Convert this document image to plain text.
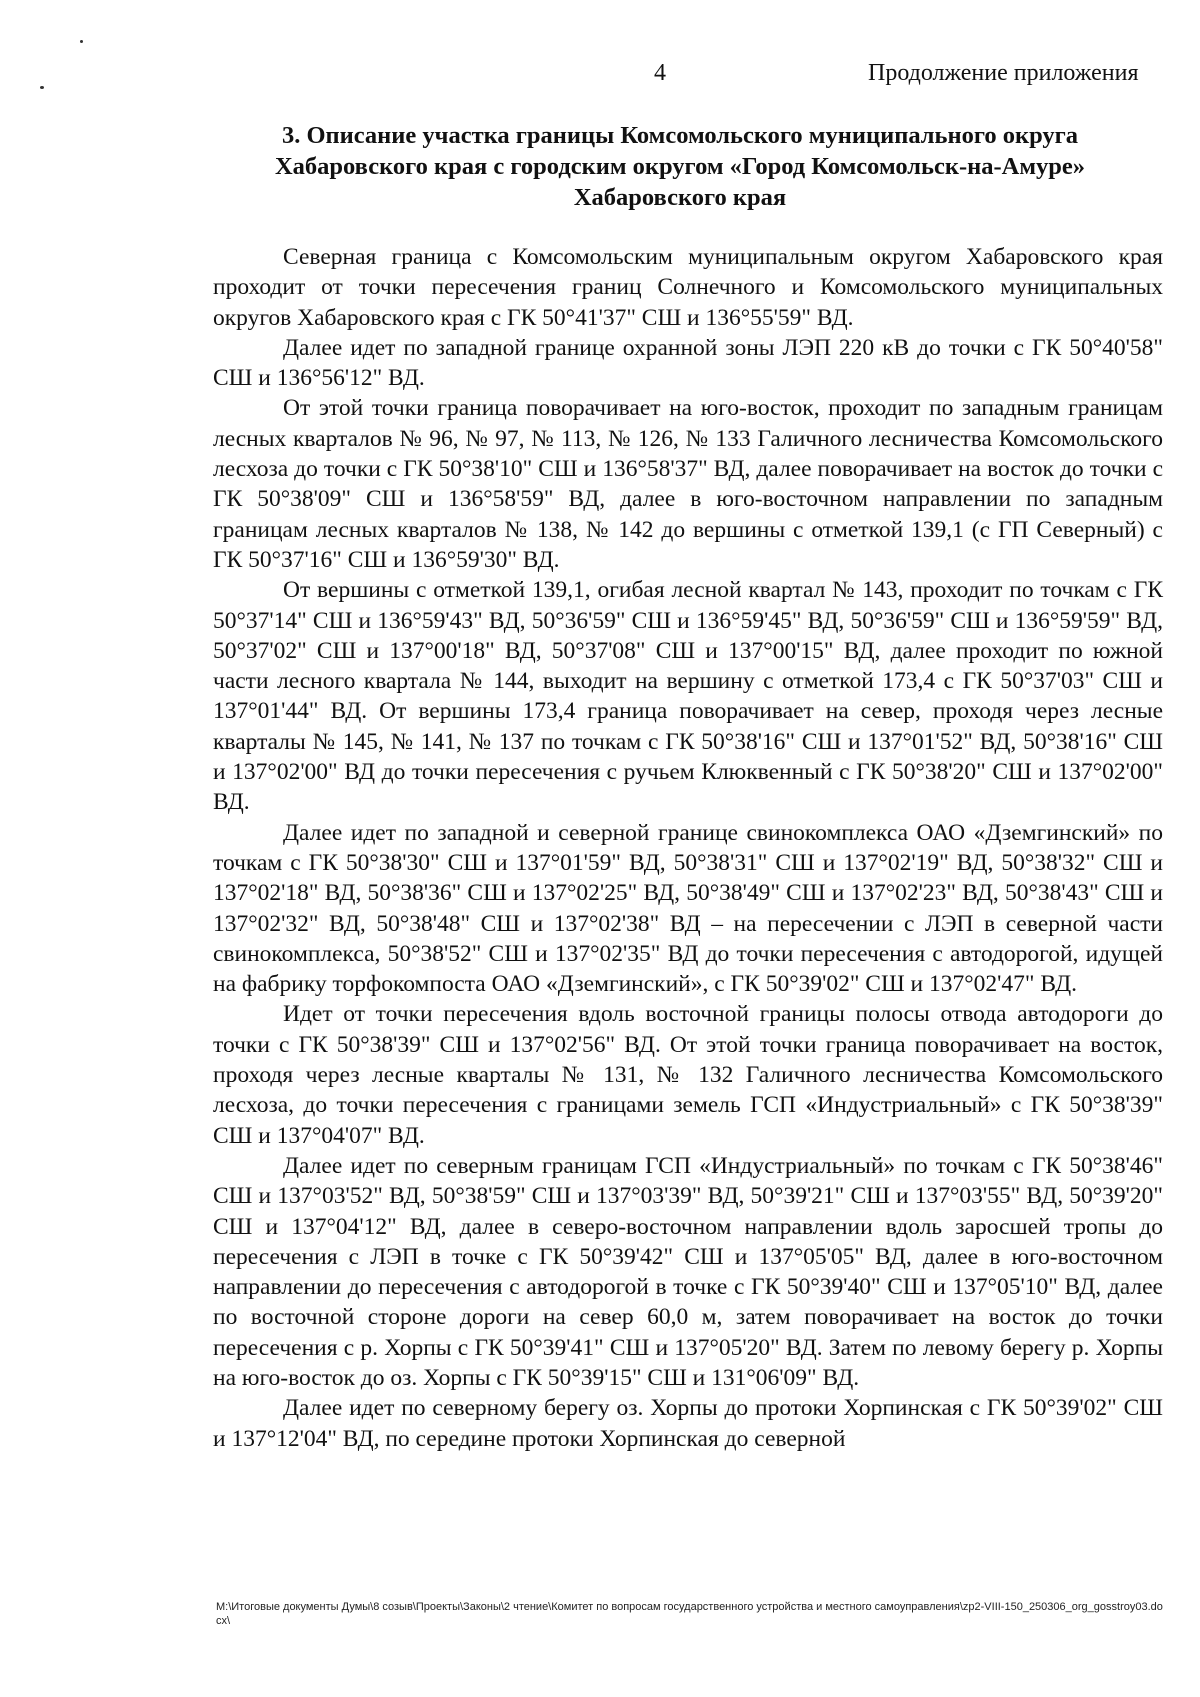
4	Продолжение приложения
3. Описание участка границы Комсомольского муниципального округа
Хабаровского края с городским округом «Город Комсомольск-на-Амуре»
Хабаровского края

Северная граница с Комсомольским муниципальным округом Хабаровского края проходит от точки пересечения границ Солнечного и Комсомольского муниципальных округов Хабаровского края с ГК 50°41'37" СШ и 136°55'59" ВД.

Далее идет по западной границе охранной зоны ЛЭП 220 кВ до точки с ГК 50°40'58" СШ и 136°56'12" ВД.

От этой точки граница поворачивает на юго-восток, проходит по западным границам лесных кварталов № 96, № 97, № 113, № 126, № 133 Галичного лесничества Комсомольского лесхоза до точки с ГК 50°38'10" СШ и 136°58'37" ВД, далее поворачивает на восток до точки с ГК 50°38'09" СШ и 136°58'59" ВД, далее в юго-восточном направлении по западным границам лесных кварталов № 138, № 142 до вершины с отметкой 139,1 (с ГП Северный) с ГК 50°37'16" СШ и 136°59'30" ВД.

От вершины с отметкой 139,1, огибая лесной квартал № 143, проходит по точкам с ГК 50°37'14" СШ и 136°59'43" ВД, 50°36'59" СШ и 136°59'45" ВД, 50°36'59" СШ и 136°59'59" ВД, 50°37'02" СШ и 137°00'18" ВД, 50°37'08" СШ и 137°00'15" ВД, далее проходит по южной части лесного квартала № 144, выходит на вершину с отметкой 173,4 с ГК 50°37'03" СШ и 137°01'44" ВД. От вершины 173,4 граница поворачивает на север, проходя через лесные кварталы № 145, № 141, № 137 по точкам с ГК 50°38'16" СШ и 137°01'52" ВД, 50°38'16" СШ и 137°02'00" ВД до точки пересечения с ручьем Клюквенный с ГК 50°38'20" СШ и 137°02'00" ВД.

Далее идет по западной и северной границе свинокомплекса ОАО «Дземгинский» по точкам с ГК 50°38'30" СШ и 137°01'59" ВД, 50°38'31" СШ и 137°02'19" ВД, 50°38'32" СШ и 137°02'18" ВД, 50°38'36" СШ и 137°02'25" ВД, 50°38'49" СШ и 137°02'23" ВД, 50°38'43" СШ и 137°02'32" ВД, 50°38'48" СШ и 137°02'38" ВД – на пересечении с ЛЭП в северной части свинокомплекса, 50°38'52" СШ и 137°02'35" ВД до точки пересечения с автодорогой, идущей на фабрику торфокомпоста ОАО «Дземгинский», с ГК 50°39'02" СШ и 137°02'47" ВД.

Идет от точки пересечения вдоль восточной границы полосы отвода автодороги до точки с ГК 50°38'39" СШ и 137°02'56" ВД. От этой точки граница поворачивает на восток, проходя через лесные кварталы № 131, № 132 Галичного лесничества Комсомольского лесхоза, до точки пересечения с границами земель ГСП «Индустриальный» с ГК 50°38'39" СШ и 137°04'07" ВД.

Далее идет по северным границам ГСП «Индустриальный» по точкам с ГК 50°38'46" СШ и 137°03'52" ВД, 50°38'59" СШ и 137°03'39" ВД, 50°39'21" СШ и 137°03'55" ВД, 50°39'20" СШ и 137°04'12" ВД, далее в северо-восточном направлении вдоль заросшей тропы до пересечения с ЛЭП в точке с ГК 50°39'42" СШ и 137°05'05" ВД, далее в юго-восточном направлении до пересечения с автодорогой в точке с ГК 50°39'40" СШ и 137°05'10" ВД, далее по восточной стороне дороги на север 60,0 м, затем поворачивает на восток до точки пересечения с р. Хорпы с ГК 50°39'41" СШ и 137°05'20" ВД. Затем по левому берегу р. Хорпы на юго-восток до оз. Хорпы с ГК 50°39'15" СШ и 131°06'09" ВД.

Далее идет по северному берегу оз. Хорпы до протоки Хорпинская с ГК 50°39'02" СШ и 137°12'04" ВД, по середине протоки Хорпинская до северной

M:\Итоговые документы Думы\8 созыв\Проекты\Законы\2 чтение\Комитет по вопросам государственного устройства и местного самоуправления\zp2-VIII-150_250306_org_gosstroy03.docx\
